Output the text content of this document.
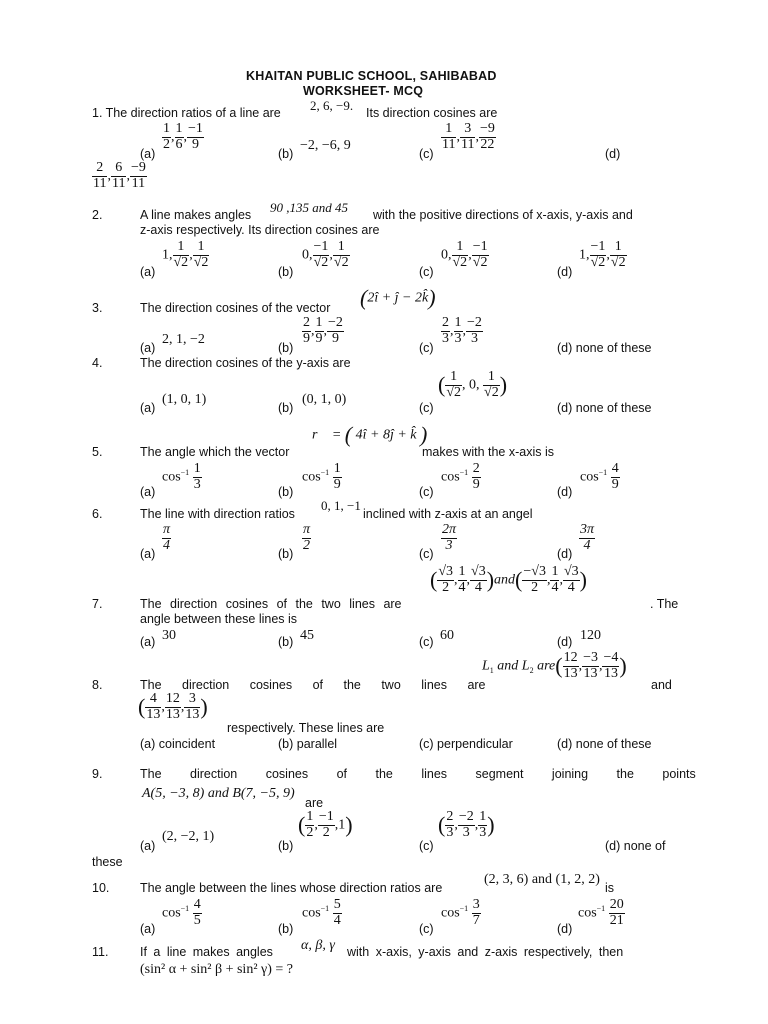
KHAITAN PUBLIC SCHOOL, SAHIBABAD
WORKSHEET- MCQ
1. The direction ratios of a line are 2, 6, −9. Its direction cosines are
(a)
$\frac{1}{2}$ , $\frac{1}{6}$ , $\frac{-1}{9}$
(b)
−2, −6, 9
(c)
$\frac{1}{11}$ , $\frac{3}{11}$ , $\frac{-9}{22}$
(d)
$\frac{2}{11}$ , $\frac{6}{11}$ , $\frac{-9}{11}$
2.	A line makes angles 90 ,135 and 45 with the positive directions of x-axis, y-axis and
z-axis respectively. Its direction cosines are
(a)
1, $\frac{1}{√2}$ , $\frac{1}{√2}$
(b)
0, $\frac{-1}{√2}$ , $\frac{1}{√2}$
(c)
0, $\frac{1}{√2}$ , $\frac{-1}{√2}$
(d)
1, $\frac{-1}{√2}$ , $\frac{1}{√2}$
3.	The direction cosines of the vector (2î + ĵ − 2k̂)
(a)
2, 1, −2
(b)
$\frac{2}{9}$ , $\frac{1}{9}$ , $\frac{-2}{9}$
(c)
$\frac{2}{3}$ , $\frac{1}{3}$ , $\frac{-2}{3}$
(d) none of these
4.	The direction cosines of the y-axis are
(a)
(1, 0, 1)
(b)
(0, 1, 0)
(c)
( $\frac{1}{√2}$ , 0, $\frac{1}{√2}$ )
(d) none of these
r⃗ = ( 4î + 8ĵ + k̂ )
5.	The angle which the vector	makes with the x-axis is
(a)
$\cos^{-1} \frac{1}{3}$	(b)
$\cos^{-1} \frac{1}{9}$	(c)
$\cos^{-1} \frac{2}{9}$	(d)
$\cos^{-1} \frac{4}{9}$
6.	The line with direction ratios
0, 1, −1
inclined with z-axis at an angel
(a)
$\frac{\pi}{4}$
(b)
$\frac{\pi}{2}$
(c)
$\frac{2\pi}{3}$
(d)
$\frac{3\pi}{4}$
( $\frac{√3}{2}$ , $\frac{1}{4}$ , $\frac{√3}{4} )and( \frac{-√3}{2}$ , $\frac{1}{4}$ , $\frac{√3}{4}$ )
7.	The direction cosines of the two lines are	. The
angle between these lines is
(a) 30	(b) 45	(c) 60	(d) 120
$L_1$ and $L_2$ $are( \frac{12}{13}$ , $\frac{-3}{13}$ , $\frac{-4}{13}$ )
8.	The direction cosines of the two lines are	and
( $\frac{4}{13}$ , $\frac{12}{13}$ , $\frac{3}{13}$ )
respectively. These lines are
(a) coincident	(b) parallel	(c) perpendicular	(d) none of these
9.	The direction cosines of the lines segment joining the points
A(5, −3, 8) and B(7, −5, 9)
are
(a)
(2, −2, 1)
(b)
( $\frac{1}{2}$ , $\frac{-1}{2} ,1$)
(c)
( $\frac{2}{3}$ , $\frac{-2}{3}$ , $\frac{1}{3}$ )
(d) none of
these
10. The angle between the lines whose direction ratios are
(2, 3, 6) and (1, 2, 2)
is
(a)
$\cos^{-1} \frac{4}{5}$
(b)
$\cos^{-1} \frac{5}{4}$
(c)
$\cos^{-1} \frac{3}{7}$
(d)
$\cos^{-1} \frac{20}{21}$
11.	If a line makes angles α, β, γ with x-axis, y-axis and z-axis respectively, then
(sin² α + sin² β + sin² γ) = ?
